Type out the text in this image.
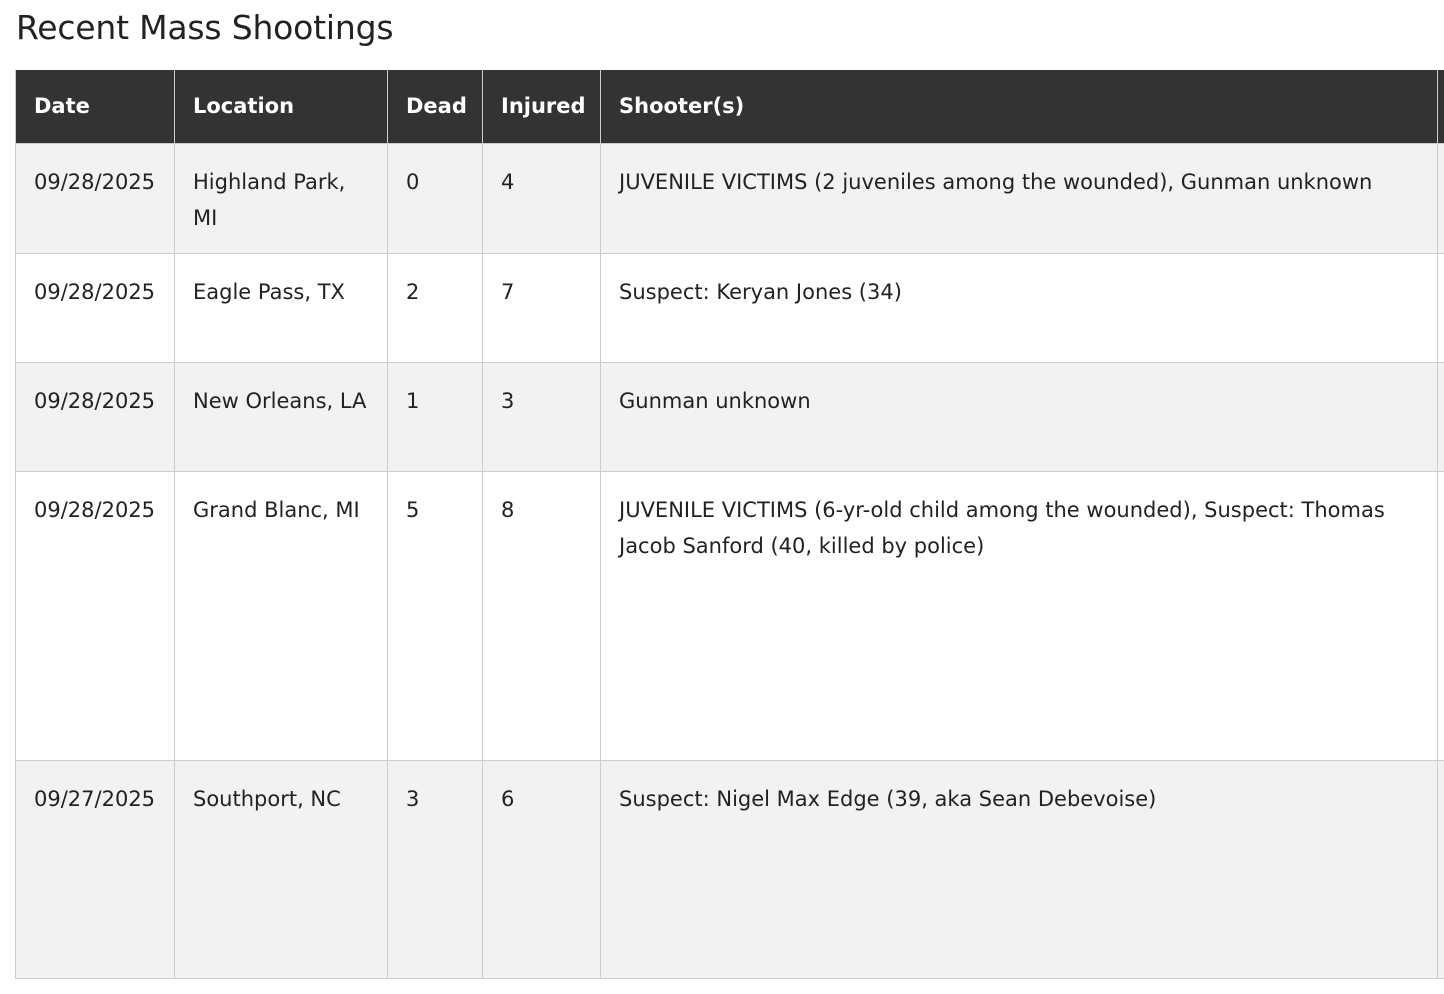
Recent Mass Shootings
Date	Location	Dead	Injured	Shooter(s)	
09/28/2025	Highland Park, MI	0	4	JUVENILE VICTIMS (2 juveniles among the wounded), Gunman unknown	
09/28/2025	Eagle Pass, TX	2	7	Suspect: Keryan Jones (34)	
09/28/2025	New Orleans, LA	1	3	Gunman unknown	
09/28/2025	Grand Blanc, MI	5	8	JUVENILE VICTIMS (6-yr-old child among the wounded), Suspect: Thomas Jacob Sanford (40, killed by police)	
09/27/2025	Southport, NC	3	6	Suspect: Nigel Max Edge (39, aka Sean Debevoise)	
